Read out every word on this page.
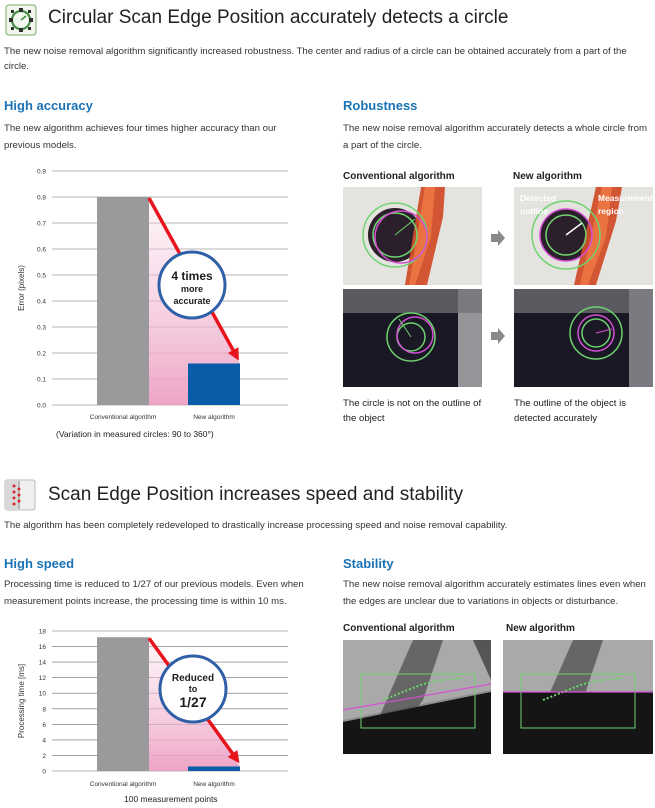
Circular Scan Edge Position accurately detects a circle
The new noise removal algorithm significantly increased robustness. The center and radius of a circle can be obtained accurately from a part of the circle.
High accuracy
The new algorithm achieves four times higher accuracy than our previous models.
0.0
0.1
0.2
0.3
0.4
0.5
0.6
0.7
0.8
0.9
Error (pixels)
Conventional algorithm	New algorithm
4 times
more
accurate
(Variation in measured circles: 90 to 360°)
Robustness
The new noise removal algorithm accurately detects a whole circle from a part of the circle.
Conventional algorithm	New algorithm
Detected outline
Measurement region
The circle is not on the outline of the object
The outline of the object is detected accurately
Scan Edge Position increases speed and stability
The algorithm has been completely redeveloped to drastically increase processing speed and noise removal capability.
High speed
Processing time is reduced to 1/27 of our previous models. Even when measurement points increase, the processing time is within 10 ms.
0
2
4
6
8
10
12
14
16
18
Processing time [ms]
Conventional algorithm	New algorithm
Reduced
to
1/27
100 measurement points
Stability
The new noise removal algorithm accurately estimates lines even when the edges are unclear due to variations in objects or disturbance.
Conventional algorithm	New algorithm
